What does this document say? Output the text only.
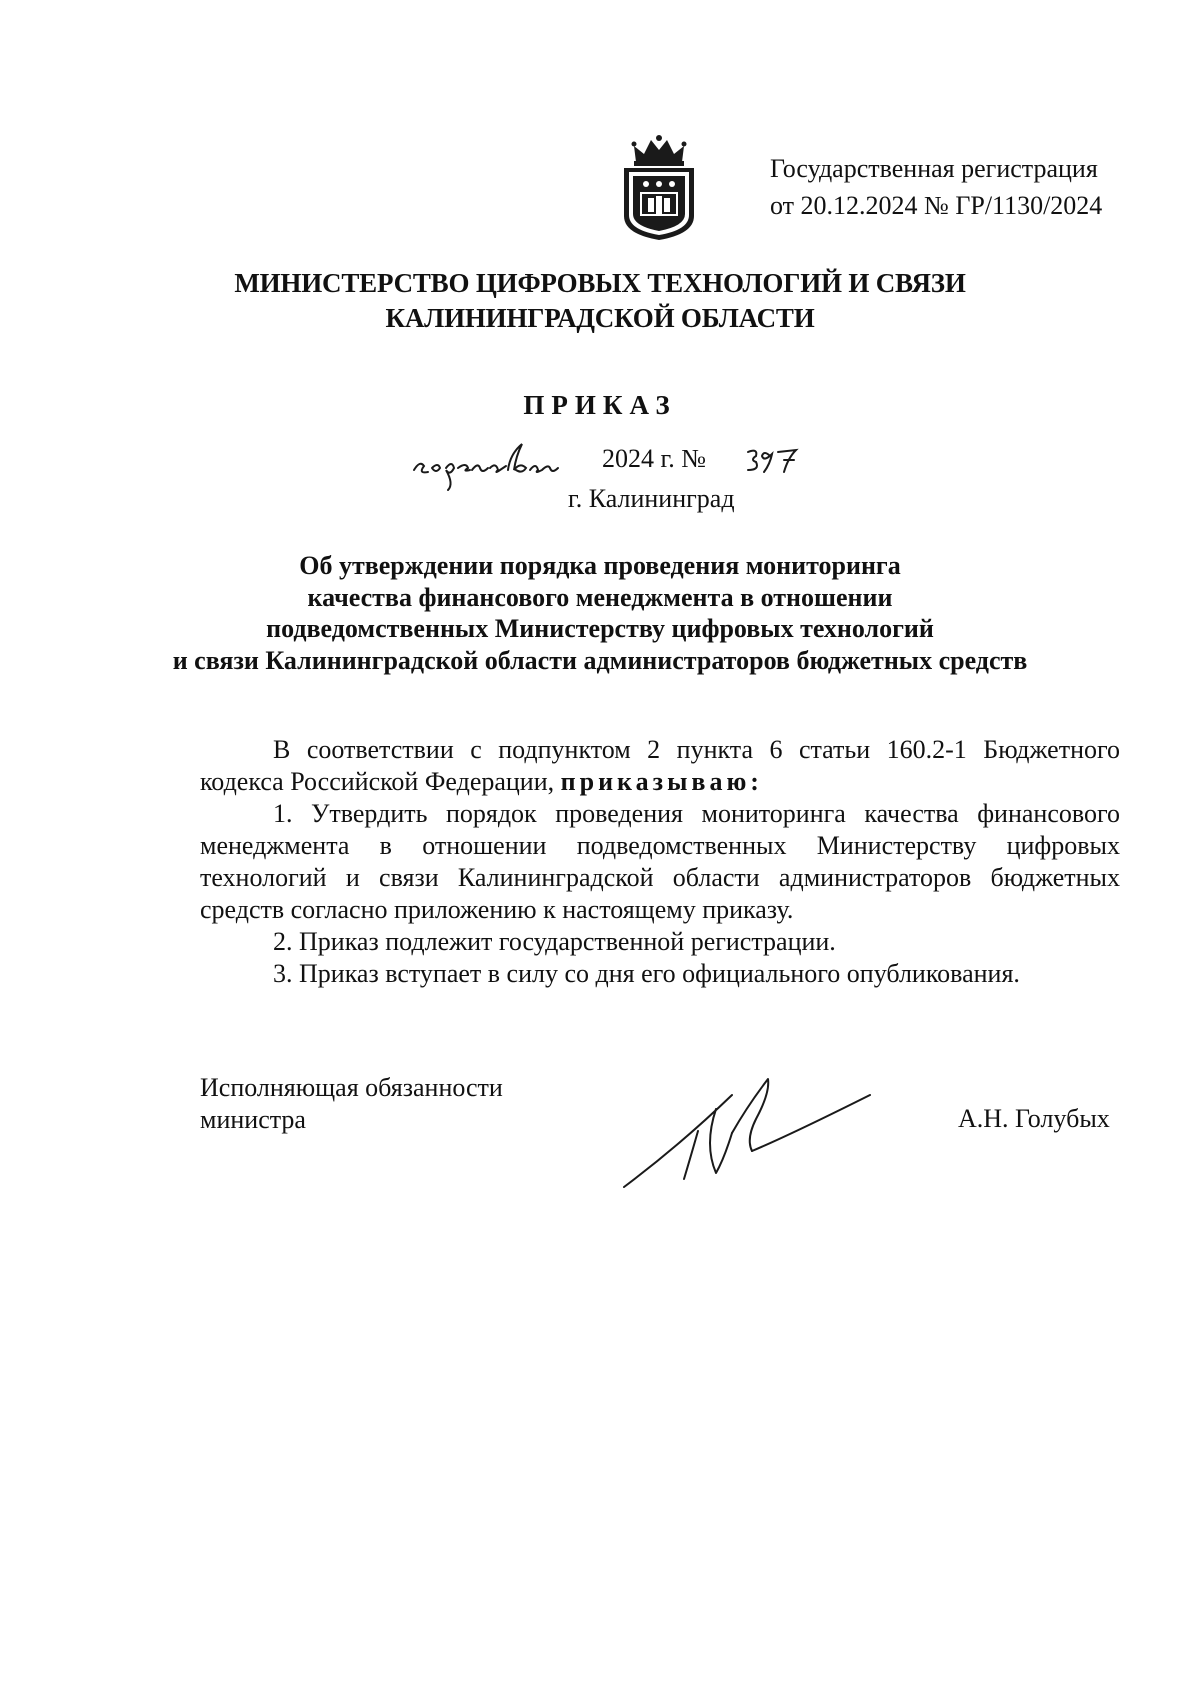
Государственная регистрация
от 20.12.2024 № ГР/1130/2024
МИНИСТЕРСТВО ЦИФРОВЫХ ТЕХНОЛОГИЙ И СВЯЗИ
КАЛИНИНГРАДСКОЙ ОБЛАСТИ
ПРИКАЗ
2024 г. №
г. Калининград
Об утверждении порядка проведения мониторинга
качества финансового менеджмента в отношении
подведомственных Министерству цифровых технологий
и связи Калининградской области администраторов бюджетных средств

В соответствии с подпунктом 2 пункта 6 статьи 160.2-1 Бюджетного кодекса Российской Федерации, приказываю:

1. Утвердить порядок проведения мониторинга качества финансового менеджмента в отношении подведомственных Министерству цифровых технологий и связи Калининградской области администраторов бюджетных средств согласно приложению к настоящему приказу.

2. Приказ подлежит государственной регистрации.

3. Приказ вступает в силу со дня его официального опубликования.

Исполняющая обязанности
министра	А.Н. Голубых
